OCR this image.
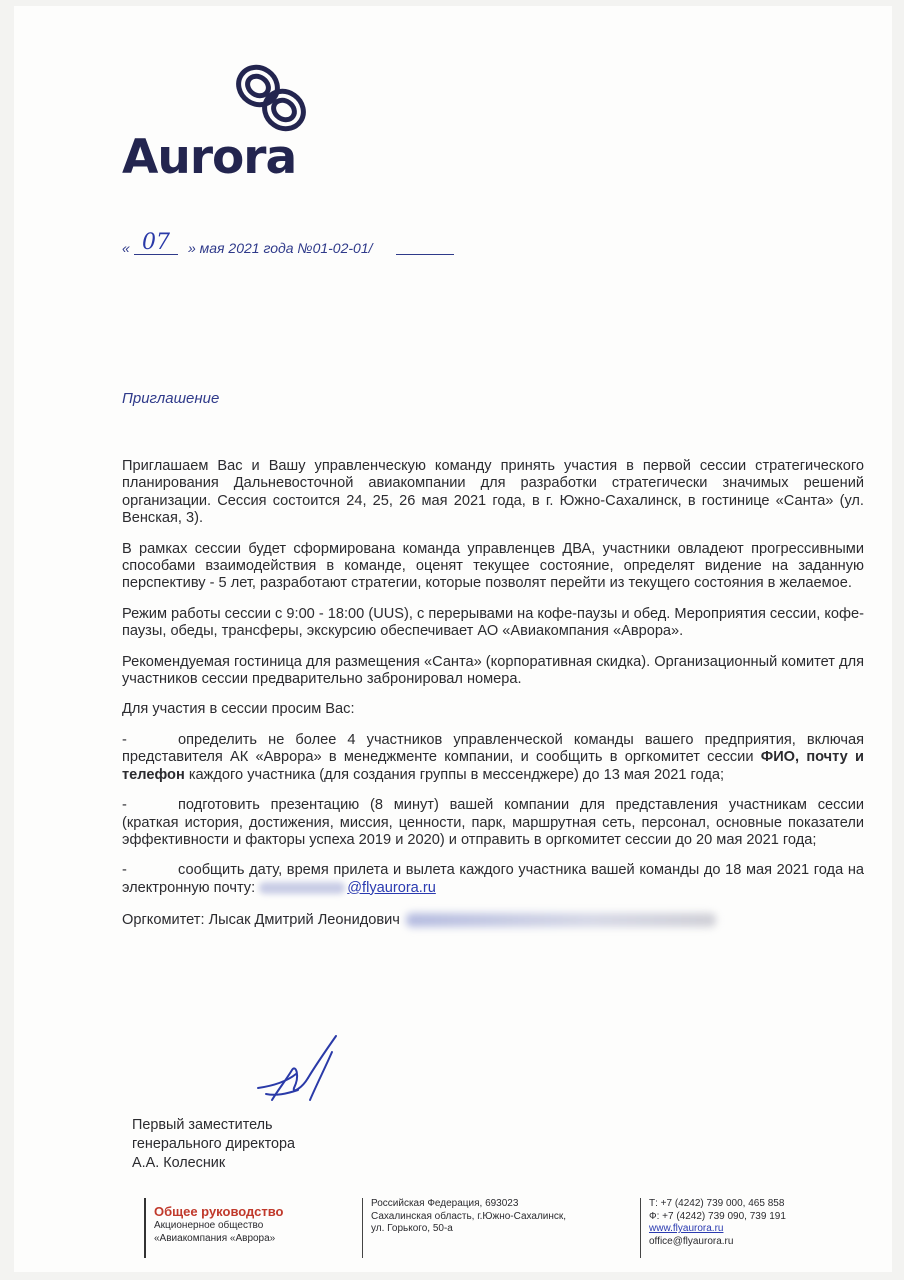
Aurora
« 07 » мая 2021 года №01-02-01/
Приглашение

Приглашаем Вас и Вашу управленческую команду принять участия в первой сессии стратегического планирования Дальневосточной авиакомпании для разработки стратегически значимых решений организации. Сессия состоится 24, 25, 26 мая 2021 года, в г. Южно-Сахалинск, в гостинице «Санта» (ул. Венская, 3).

В рамках сессии будет сформирована команда управленцев ДВА, участники овладеют прогрессивными способами взаимодействия в команде, оценят текущее состояние, определят видение на заданную перспективу - 5 лет, разработают стратегии, которые позволят перейти из текущего состояния в желаемое.

Режим работы сессии с 9:00 - 18:00 (UUS), с перерывами на кофе-паузы и обед. Мероприятия сессии, кофе-паузы, обеды, трансферы, экскурсию обеспечивает АО «Авиакомпания «Аврора».

Рекомендуемая гостиница для размещения «Санта» (корпоративная скидка). Организационный комитет для участников сессии предварительно забронировал номера.

Для участия в сессии просим Вас:

-	определить не более 4 участников управленческой команды вашего предприятия, включая представителя АК «Аврора» в менеджменте компании, и сообщить в оргкомитет сессии ФИО, почту и телефон каждого участника (для создания группы в мессенджере) до 13 мая 2021 года;

-	подготовить презентацию (8 минут) вашей компании для представления участникам сессии (краткая история, достижения, миссия, ценности, парк, маршрутная сеть, персонал, основные показатели эффективности и факторы успеха 2019 и 2020) и отправить в оргкомитет сессии до 20 мая 2021 года;

-	сообщить дату, время прилета и вылета каждого участника вашей команды до 18 мая 2021 года на электронную почту:	@flyaurora.ru

Оргкомитет: Лысак Дмитрий Леонидович

Первый заместитель
генерального директора
А.А. Колесник
Общее руководство
Акционерное общество
«Авиакомпания «Аврора»
Российская Федерация, 693023
Сахалинская область, г.Южно-Сахалинск,
ул. Горького, 50-а
Т: +7 (4242) 739 000, 465 858
Ф: +7 (4242) 739 090, 739 191
www.flyaurora.ru
office@flyaurora.ru
